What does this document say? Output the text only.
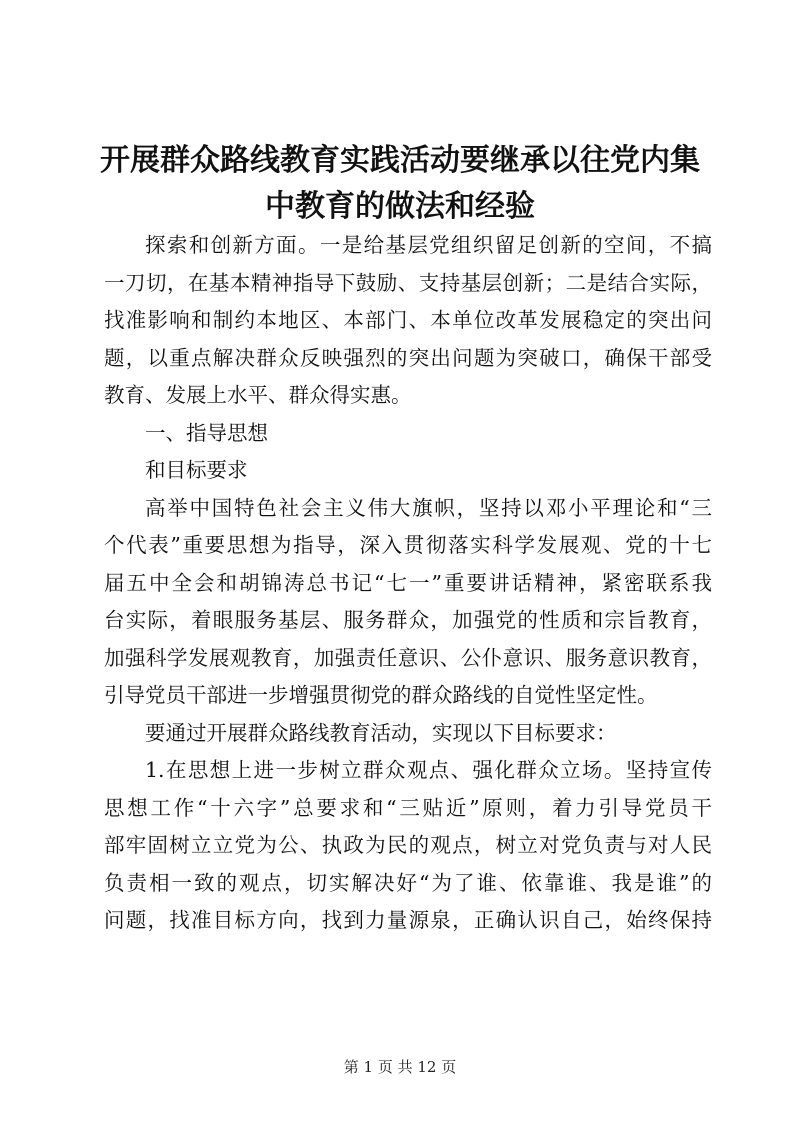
开展群众路线教育实践活动要继承以往党内集
中教育的做法和经验
探索和创新方面。一是给基层党组织留足创新的空间，不搞
一刀切，在基本精神指导下鼓励、支持基层创新；二是结合实际，
找准影响和制约本地区、本部门、本单位改革发展稳定的突出问
题，以重点解决群众反映强烈的突出问题为突破口，确保干部受
教育、发展上水平、群众得实惠。
一、指导思想
和目标要求
高举中国特色社会主义伟大旗帜，坚持以邓小平理论和“三
个代表”重要思想为指导，深入贯彻落实科学发展观、党的十七
届五中全会和胡锦涛总书记“七一”重要讲话精神，紧密联系我
台实际，着眼服务基层、服务群众，加强党的性质和宗旨教育，
加强科学发展观教育，加强责任意识、公仆意识、服务意识教育，
引导党员干部进一步增强贯彻党的群众路线的自觉性坚定性。
要通过开展群众路线教育活动，实现以下目标要求：
1.在思想上进一步树立群众观点、强化群众立场。坚持宣传
思想工作“十六字”总要求和“三贴近”原则，着力引导党员干
部牢固树立立党为公、执政为民的观点，树立对党负责与对人民
负责相一致的观点，切实解决好“为了谁、依靠谁、我是谁”的
问题，找准目标方向，找到力量源泉，正确认识自己，始终保持
第 1 页 共 12 页
